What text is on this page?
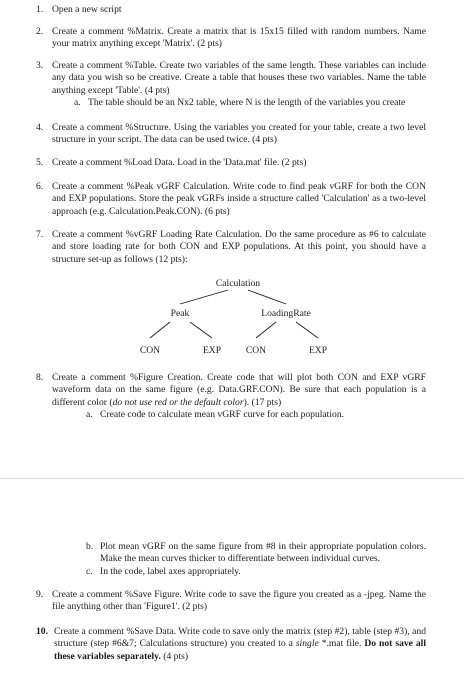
1. Open a new script
2. Create a comment %Matrix. Create a matrix that is 15x15 filled with random numbers. Name your matrix anything except 'Matrix'. (2 pts)
3. Create a comment %Table. Create two variables of the same length. These variables can include any data you wish so be creative. Create a table that houses these two variables. Name the table anything except 'Table'. (4 pts)
a. The table should be an Nx2 table, where N is the length of the variables you create
4. Create a comment %Structure. Using the variables you created for your table, create a two level structure in your script. The data can be used twice. (4 pts)
5. Create a comment %Load Data. Load in the 'Data.mat' file. (2 pts)
6. Create a comment %Peak vGRF Calculation. Write code to find peak vGRF for both the CON and EXP populations. Store the peak vGRFs inside a structure called 'Calculation' as a two-level approach (e.g. Calculation.Peak.CON). (6 pts)
7. Create a comment %vGRF Loading Rate Calculation. Do the same procedure as #6 to calculate and store loading rate for both CON and EXP populations. At this point, you should have a structure set-up as follows (12 pts):
Calculation
Peak	LoadingRate
CON	EXP	CON	EXP
8. Create a comment %Figure Creation. Create code that will plot both CON and EXP vGRF waveform data on the same figure (e.g. Data.GRF.CON). Be sure that each population is a different color (do not use red or the default color). (17 pts)
a. Create code to calculate mean vGRF curve for each population.
b. Plot mean vGRF on the same figure from #8 in their appropriate population colors. Make the mean curves thicker to differentiate between individual curves.
c. In the code, label axes appropriately.
9. Create a comment %Save Figure. Write code to save the figure you created as a -jpeg. Name the file anything other than 'Figure1'. (2 pts)
10. Create a comment %Save Data. Write code to save only the matrix (step #2), table (step #3), and structure (step #6&7; Calculations structure) you created to a single *.mat file. Do not save all these variables separately. (4 pts)
